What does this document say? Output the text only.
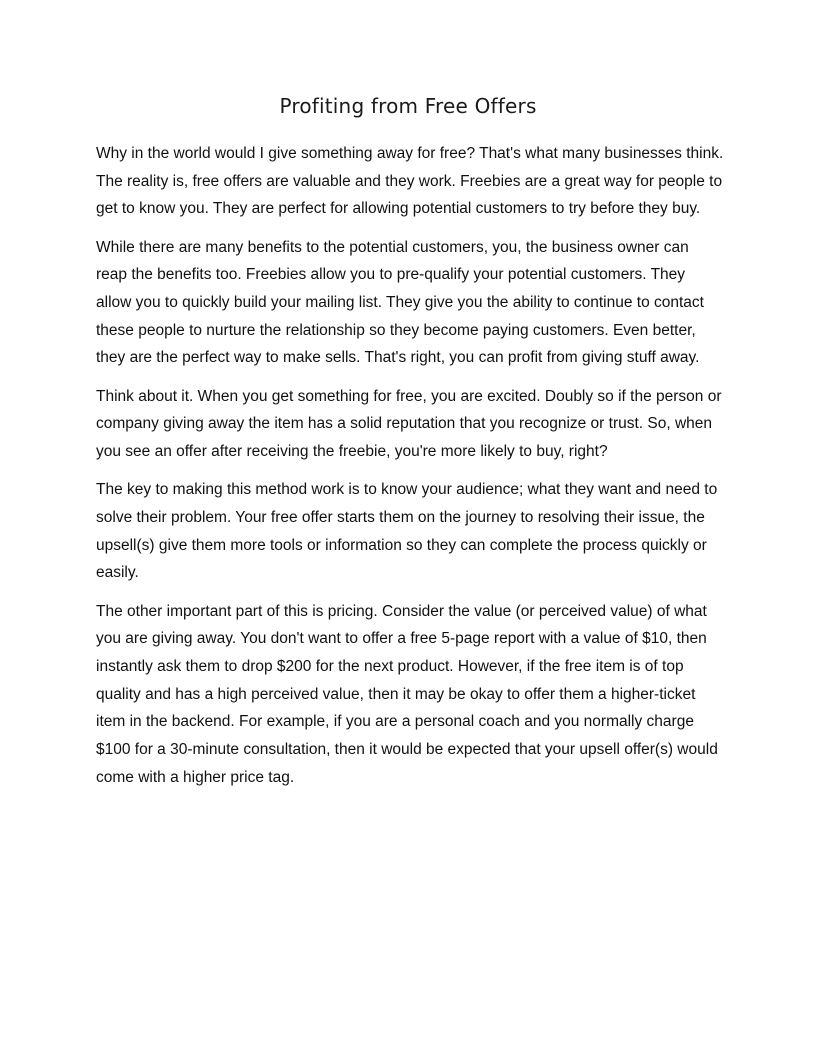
Profiting from Free Offers

Why in the world would I give something away for free? That's what many businesses think. The reality is, free offers are valuable and they work. Freebies are a great way for people to get to know you. They are perfect for allowing potential customers to try before they buy.

While there are many benefits to the potential customers, you, the business owner can reap the benefits too. Freebies allow you to pre-qualify your potential customers. They allow you to quickly build your mailing list. They give you the ability to continue to contact these people to nurture the relationship so they become paying customers. Even better, they are the perfect way to make sells. That's right, you can profit from giving stuff away.

Think about it. When you get something for free, you are excited. Doubly so if the person or company giving away the item has a solid reputation that you recognize or trust. So, when you see an offer after receiving the freebie, you're more likely to buy, right?

The key to making this method work is to know your audience; what they want and need to solve their problem. Your free offer starts them on the journey to resolving their issue, the upsell(s) give them more tools or information so they can complete the process quickly or easily.

The other important part of this is pricing. Consider the value (or perceived value) of what you are giving away. You don't want to offer a free 5-page report with a value of $10, then instantly ask them to drop $200 for the next product. However, if the free item is of top quality and has a high perceived value, then it may be okay to offer them a higher-ticket item in the backend. For example, if you are a personal coach and you normally charge $100 for a 30-minute consultation, then it would be expected that your upsell offer(s) would come with a higher price tag.
